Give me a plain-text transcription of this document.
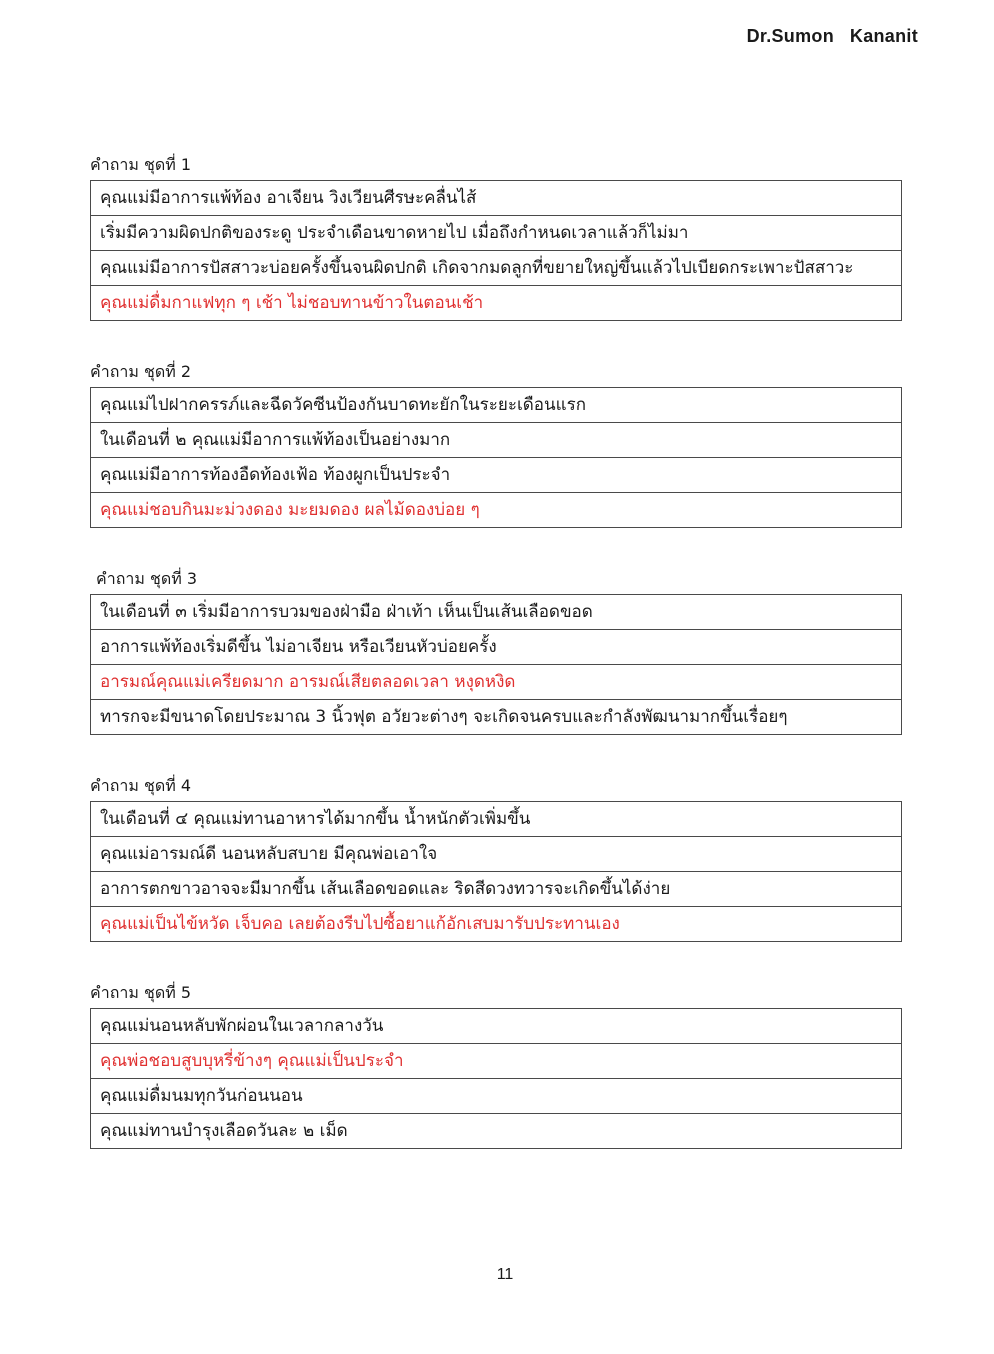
Dr.Sumon   Kananit
คำถาม ชุดที่ 1
คุณแม่มีอาการแพ้ท้อง อาเจียน วิงเวียนศีรษะคลื่นไส้
เริ่มมีความผิดปกติของระดู ประจำเดือนขาดหายไป เมื่อถึงกำหนดเวลาแล้วก็ไม่มา
คุณแม่มีอาการปัสสาวะบ่อยครั้งขึ้นจนผิดปกติ เกิดจากมดลูกที่ขยายใหญ่ขึ้นแล้วไปเบียดกระเพาะปัสสาวะ
คุณแม่ดื่มกาแฟทุก ๆ เช้า ไม่ชอบทานข้าวในตอนเช้า
คำถาม ชุดที่ 2
คุณแม่ไปฝากครรภ์และฉีดวัคซีนป้องกันบาดทะยักในระยะเดือนแรก
ในเดือนที่ ๒ คุณแม่มีอาการแพ้ท้องเป็นอย่างมาก
คุณแม่มีอาการท้องอืดท้องเฟ้อ ท้องผูกเป็นประจำ
คุณแม่ชอบกินมะม่วงดอง มะยมดอง ผลไม้ดองบ่อย ๆ
คำถาม ชุดที่ 3
ในเดือนที่ ๓ เริ่มมีอาการบวมของฝ่ามือ ฝ่าเท้า เห็นเป็นเส้นเลือดขอด
อาการแพ้ท้องเริ่มดีขึ้น ไม่อาเจียน หรือเวียนหัวบ่อยครั้ง
อารมณ์คุณแม่เครียดมาก อารมณ์เสียตลอดเวลา หงุดหงิด
ทารกจะมีขนาดโดยประมาณ 3 นิ้วฟุต อวัยวะต่างๆ จะเกิดจนครบและกำลังพัฒนามากขึ้นเรื่อยๆ
คำถาม ชุดที่ 4
ในเดือนที่ ๔ คุณแม่ทานอาหารได้มากขึ้น น้ำหนักตัวเพิ่มขึ้น
คุณแม่อารมณ์ดี นอนหลับสบาย มีคุณพ่อเอาใจ
อาการตกขาวอาจจะมีมากขึ้น เส้นเลือดขอดและ ริดสีดวงทวารจะเกิดขึ้นได้ง่าย
คุณแม่เป็นไข้หวัด เจ็บคอ เลยต้องรีบไปซื้อยาแก้อักเสบมารับประทานเอง
คำถาม ชุดที่ 5
คุณแม่นอนหลับพักผ่อนในเวลากลางวัน
คุณพ่อชอบสูบบุหรี่ข้างๆ คุณแม่เป็นประจำ
คุณแม่ดื่มนมทุกวันก่อนนอน
คุณแม่ทานบำรุงเลือดวันละ ๒ เม็ด
11
